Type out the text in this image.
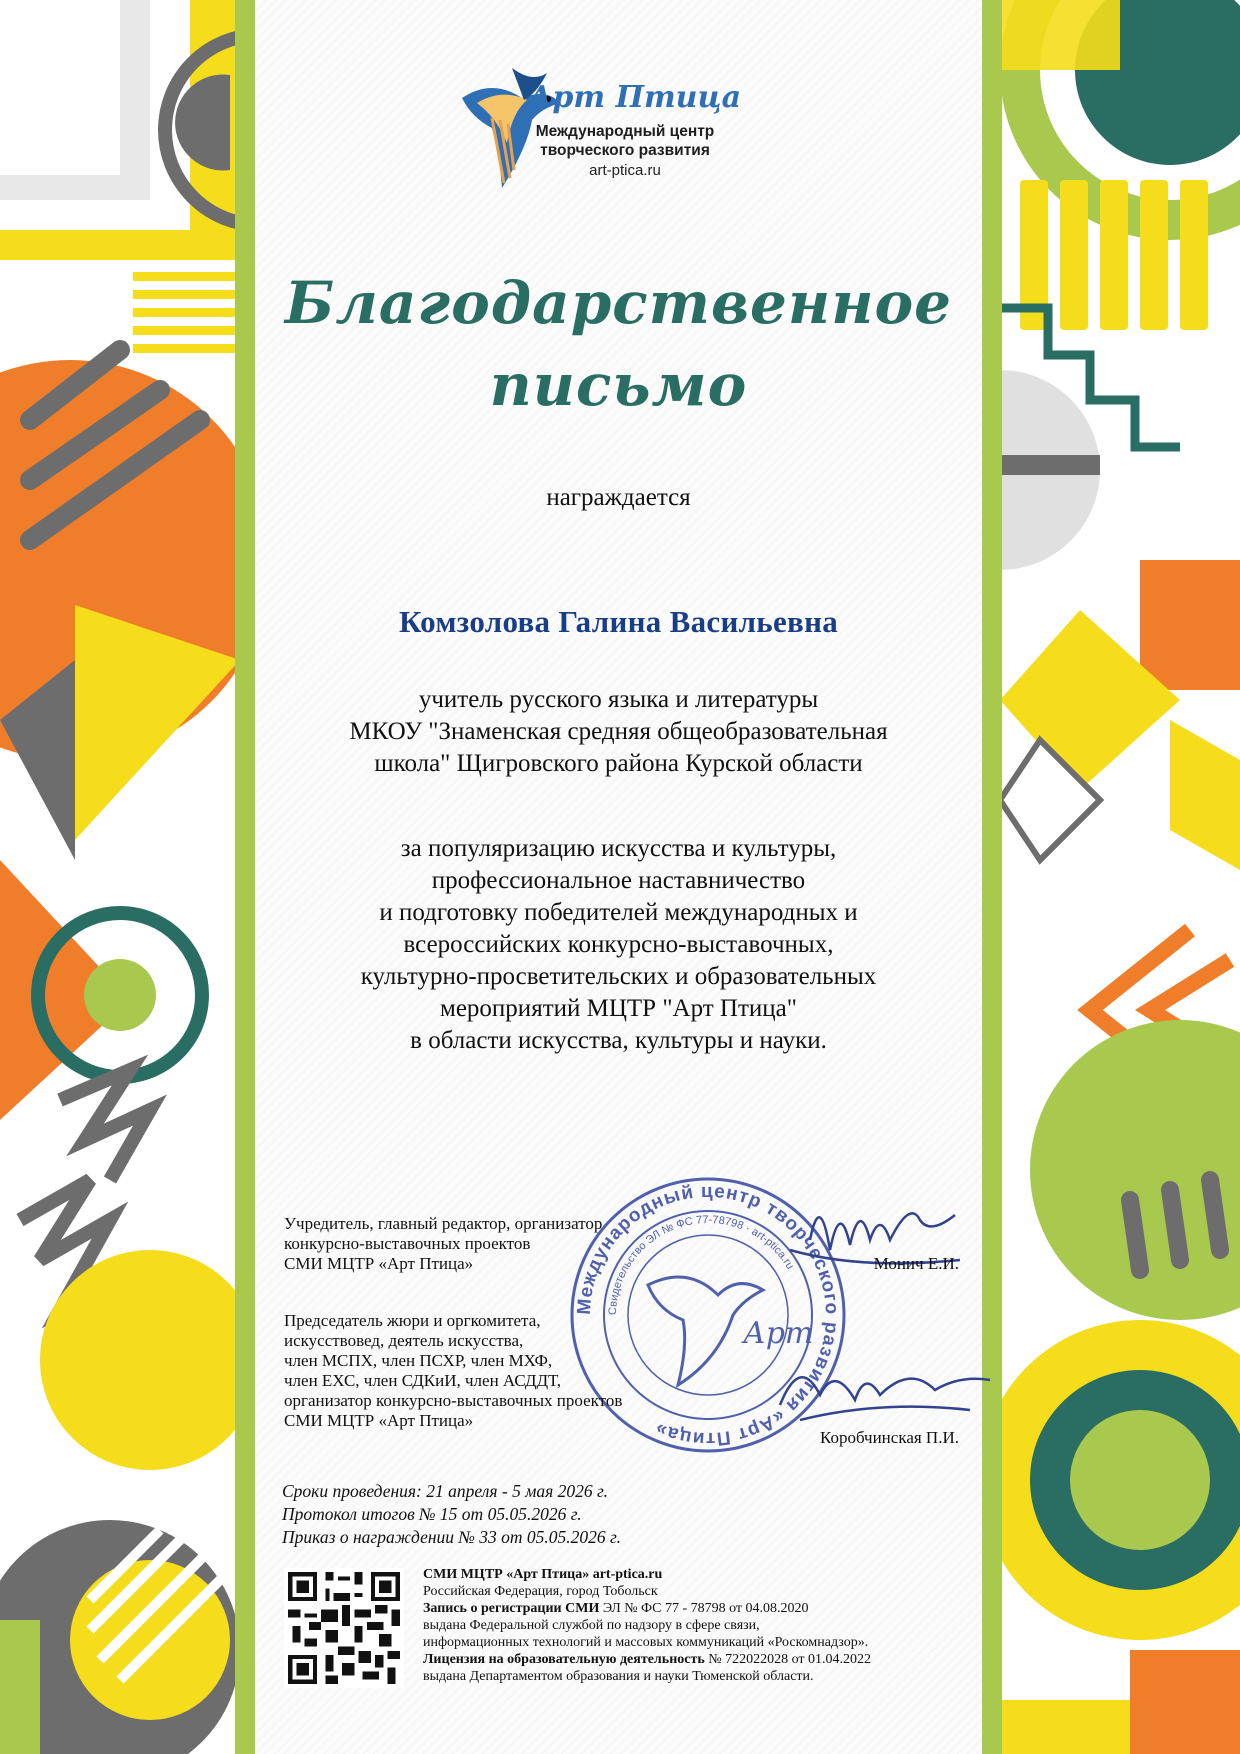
Арт Птица
Международный центр
творческого развития
art-ptica.ru
Благодарственное
письмо
награждается
Комзолова Галина Васильевна
учитель русского языка и литературы
МКОУ "Знаменская средняя общеобразовательная
школа" Щигровского района Курской области
за популяризацию искусства и культуры,
профессиональное наставничество
и подготовку победителей международных и
всероссийских конкурсно-выставочных,
культурно-просветительских и образовательных
мероприятий МЦТР "Арт Птица"
в области искусства, культуры и науки.
Международный центр творческого развития «Арт Птица»
Свидетельство ЭЛ № ФС 77-78798 · art-ptica.ru
Арт
Учредитель, главный редактор, организатор
конкурсно-выставочных проектов
СМИ МЦТР «Арт Птица»	Монич Е.И.
Председатель жюри и оргкомитета,
искусствовед, деятель искусства,
член МСПХ, член ПСХР, член МХФ,
член ЕХС, член СДКиИ, член АСДДТ,
организатор конкурсно-выставочных проектов
СМИ МЦТР «Арт Птица»
Коробчинская П.И.
Сроки проведения: 21 апреля - 5 мая 2026 г.
Протокол итогов № 15 от 05.05.2026 г.
Приказ о награждении № 33 от 05.05.2026 г.
СМИ МЦТР «Арт Птица» art-ptica.ru
Российская Федерация, город Тобольск
Запись о регистрации СМИ ЭЛ № ФС 77 - 78798 от 04.08.2020
выдана Федеральной службой по надзору в сфере связи,
информационных технологий и массовых коммуникаций «Роскомнадзор».
Лицензия на образовательную деятельность № 722022028 от 01.04.2022
выдана Департаментом образования и науки Тюменской области.
